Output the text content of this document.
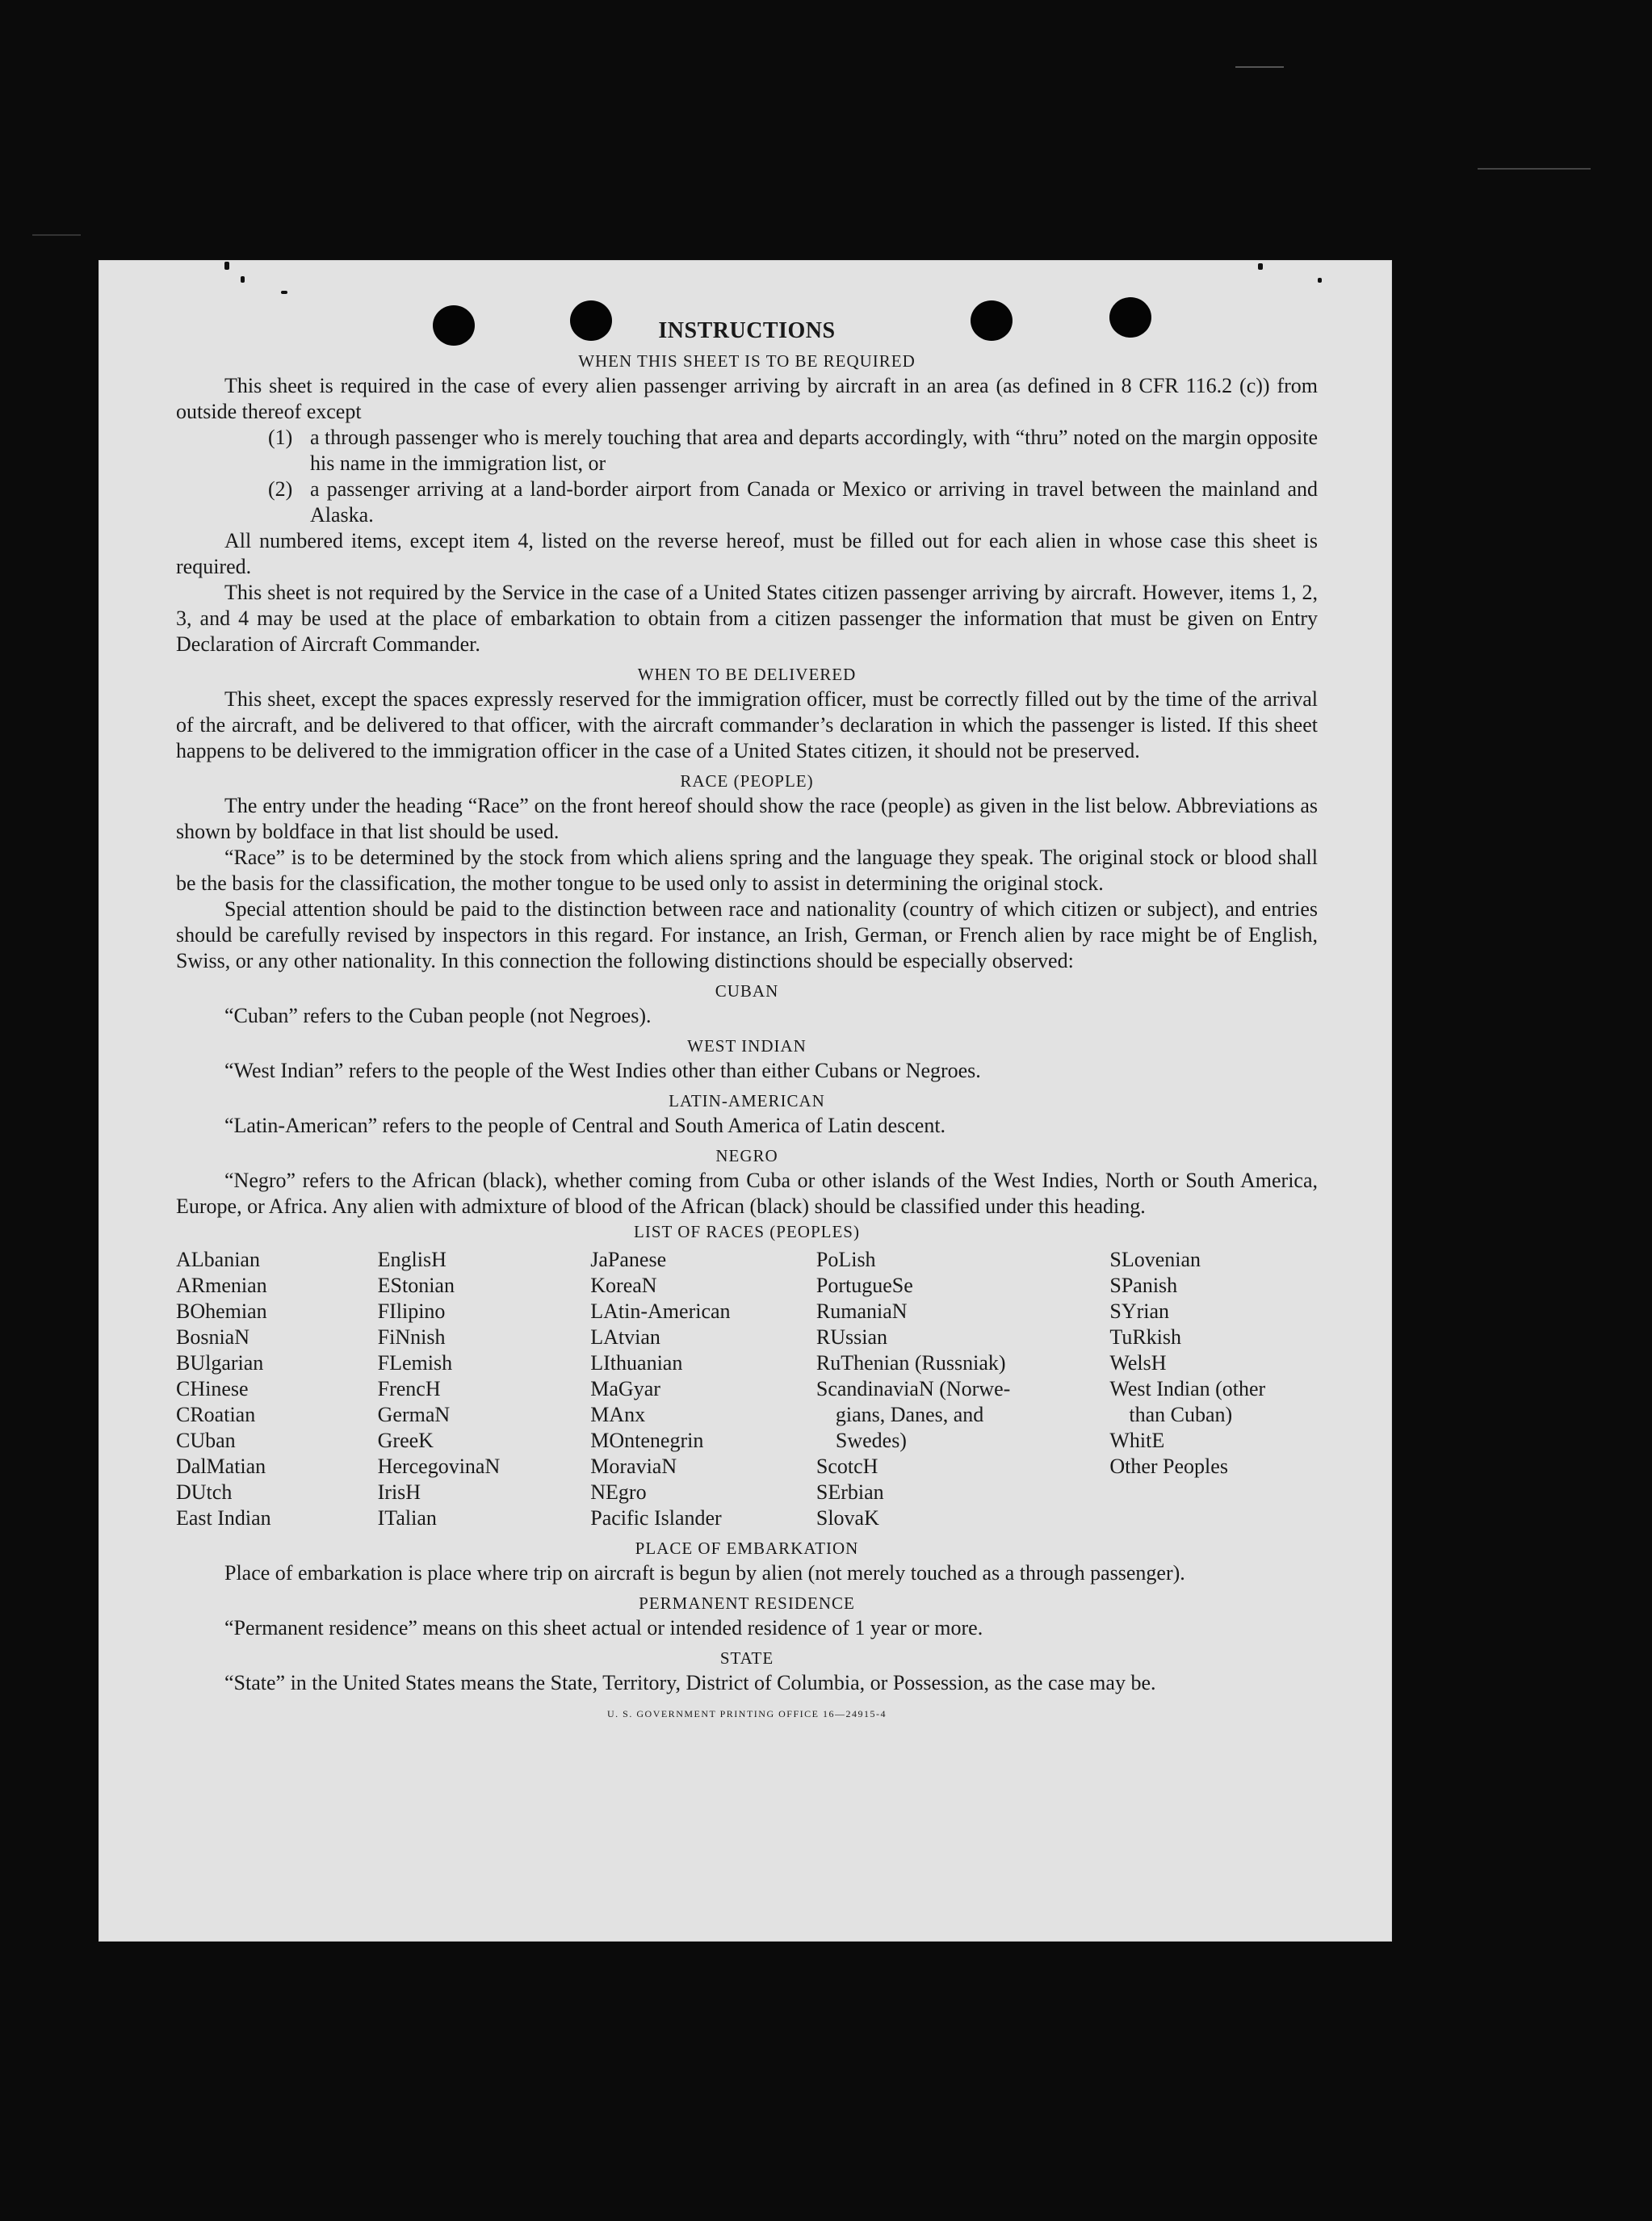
INSTRUCTIONS
WHEN THIS SHEET IS TO BE REQUIRED

This sheet is required in the case of every alien passenger arriving by aircraft in an area (as defined in 8 CFR 116.2 (c)) from outside thereof except

(1) a through passenger who is merely touching that area and departs accordingly, with “thru” noted on the margin opposite his name in the immigration list, or
(2) a passenger arriving at a land-border airport from Canada or Mexico or arriving in travel between the mainland and Alaska.

All numbered items, except item 4, listed on the reverse hereof, must be filled out for each alien in whose case this sheet is required.

This sheet is not required by the Service in the case of a United States citizen passenger arriving by aircraft. However, items 1, 2, 3, and 4 may be used at the place of embarkation to obtain from a citizen passenger the information that must be given on Entry Declaration of Aircraft Commander.

WHEN TO BE DELIVERED

This sheet, except the spaces expressly reserved for the immigration officer, must be correctly filled out by the time of the arrival of the aircraft, and be delivered to that officer, with the aircraft commander’s declaration in which the passenger is listed. If this sheet happens to be delivered to the immigration officer in the case of a United States citizen, it should not be preserved.

RACE (PEOPLE)

The entry under the heading “Race” on the front hereof should show the race (people) as given in the list below. Abbreviations as shown by boldface in that list should be used.

“Race” is to be determined by the stock from which aliens spring and the language they speak. The original stock or blood shall be the basis for the classification, the mother tongue to be used only to assist in determining the original stock.

Special attention should be paid to the distinction between race and nationality (country of which citizen or subject), and entries should be carefully revised by inspectors in this regard. For instance, an Irish, German, or French alien by race might be of English, Swiss, or any other nationality. In this connection the following distinctions should be especially observed:

CUBAN

“Cuban” refers to the Cuban people (not Negroes).

WEST INDIAN

“West Indian” refers to the people of the West Indies other than either Cubans or Negroes.

LATIN-AMERICAN

“Latin-American” refers to the people of Central and South America of Latin descent.

NEGRO

“Negro” refers to the African (black), whether coming from Cuba or other islands of the West Indies, North or South America, Europe, or Africa. Any alien with admixture of blood of the African (black) should be classified under this heading.

LIST OF RACES (PEOPLES)
ALbanian
ARmenian
BOhemian
BosniaN
BUlgarian
CHinese
CRoatian
CUban
DalMatian
DUtch
East Indian
EnglisH
EStonian
FIlipino
FiNnish
FLemish
FrencH
GermaN
GreeK
HercegovinaN
IrisH
ITalian
JaPanese
KoreaN
LAtin-American
LAtvian
LIthuanian
MaGyar
MAnx
MOntenegrin
MoraviaN
NEgro
Pacific Islander
PoLish
PortugueSe
RumaniaN
RUssian
RuThenian (Russniak)
ScandinaviaN (Norwe-
gians, Danes, and
Swedes)
ScotcH
SErbian
SlovaK
SLovenian
SPanish
SYrian
TuRkish
WelsH
West Indian (other
than Cuban)
WhitE
Other Peoples
PLACE OF EMBARKATION

Place of embarkation is place where trip on aircraft is begun by alien (not merely touched as a through passenger).

PERMANENT RESIDENCE

“Permanent residence” means on this sheet actual or intended residence of 1 year or more.

STATE

“State” in the United States means the State, Territory, District of Columbia, or Possession, as the case may be.

U. S. GOVERNMENT PRINTING OFFICE 16—24915-4
